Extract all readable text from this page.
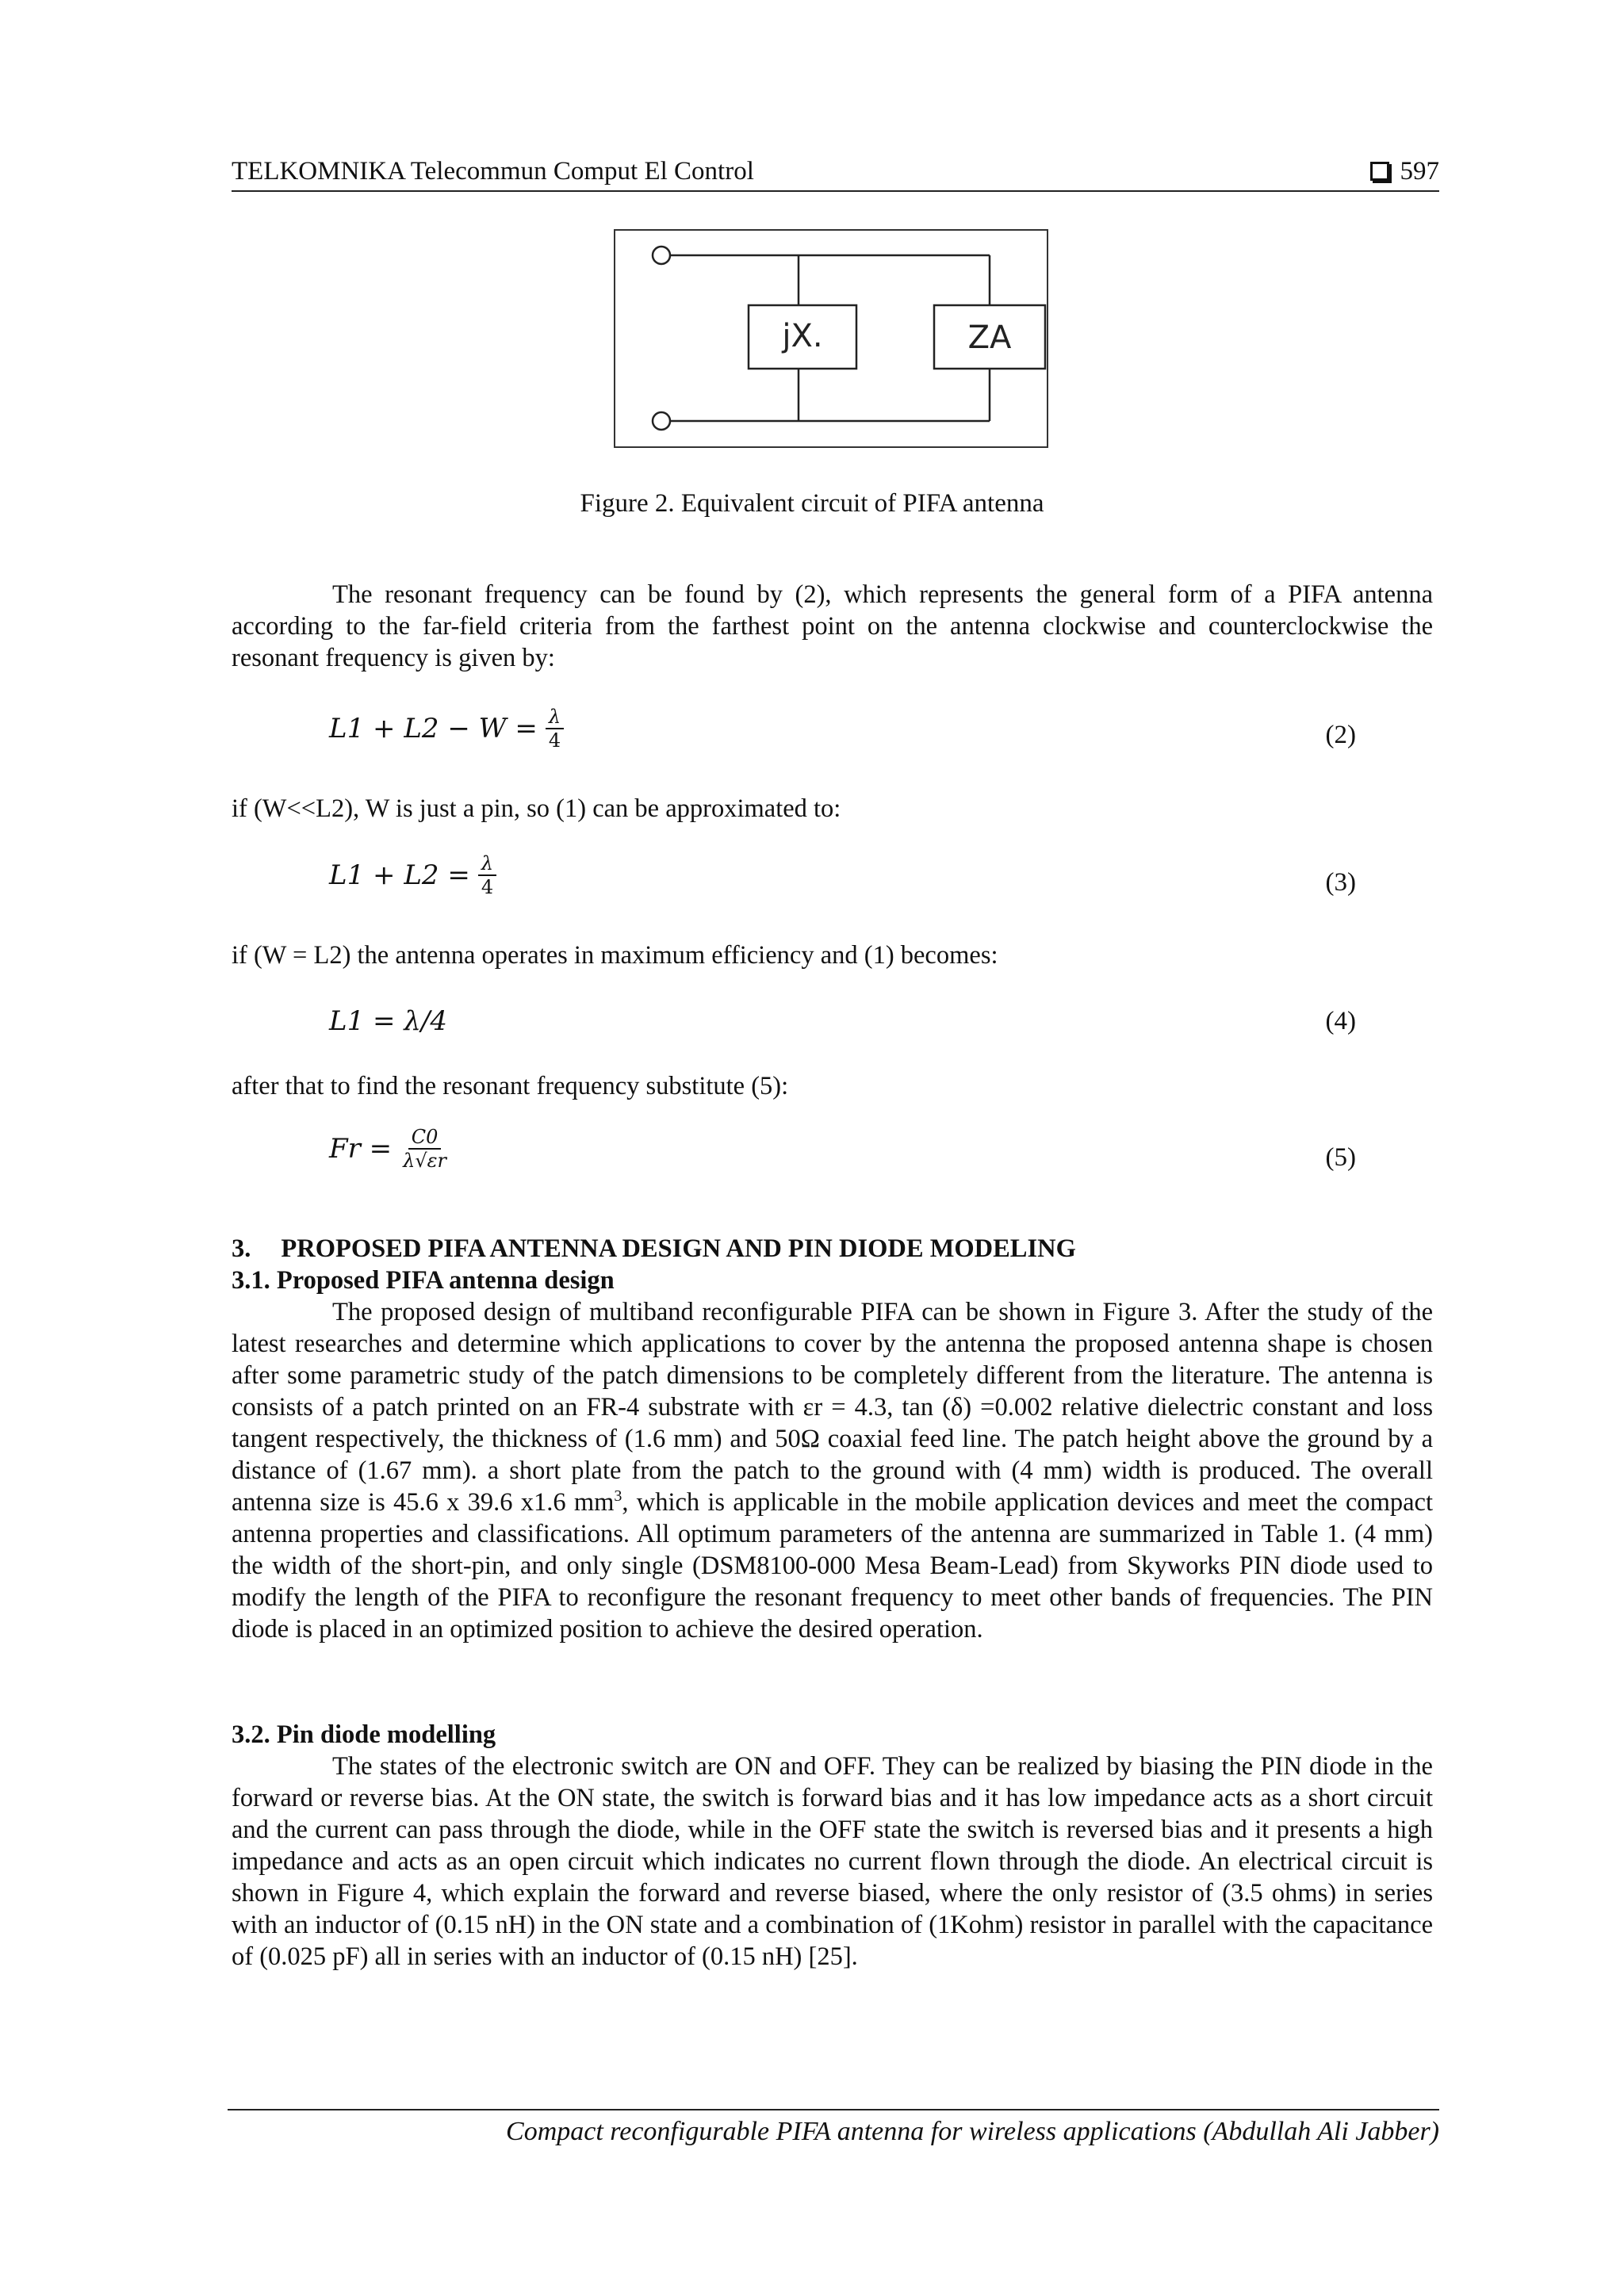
TELKOMNIKA Telecommun Comput El Control	597
jX.	ZA
Figure 2. Equivalent circuit of PIFA antenna
The resonant frequency can be found by (2), which represents the general form of a PIFA antenna according to the far-field criteria from the farthest point on the antenna clockwise and counterclockwise the resonant frequency is given by:
$L1 + L2 - W = \frac{\lambda}{4}$	(2)
if (W<<L2), W is just a pin, so (1) can be approximated to:
$L1 + L2 = \frac{\lambda}{4}$	(3)
if (W = L2) the antenna operates in maximum efficiency and (1) becomes:
L1 = λ/4	(4)
after that to find the resonant frequency substitute (5):
$Fr = \frac{C0}{\lambda√\varepsilon r}$	(5)
3. PROPOSED PIFA ANTENNA DESIGN AND PIN DIODE MODELING
3.1. Proposed PIFA antenna design
The proposed design of multiband reconfigurable PIFA can be shown in Figure 3. After the study of the latest researches and determine which applications to cover by the antenna the proposed antenna shape is chosen after some parametric study of the patch dimensions to be completely different from the literature. The antenna is consists of a patch printed on an FR-4 substrate with εr = 4.3, tan (δ) =0.002 relative dielectric constant and loss tangent respectively, the thickness of (1.6 mm) and 50Ω coaxial feed line. The patch height above the ground by a distance of (1.67 mm). a short plate from the patch to the ground with (4 mm) width is produced. The overall antenna size is 45.6 x 39.6 x1.6 $mm^3$, which is applicable in the mobile application devices and meet the compact antenna properties and classifications. All optimum parameters of the antenna are summarized in Table 1. (4 mm) the width of the short-pin, and only single (DSM8100-000 Mesa Beam-Lead) from Skyworks PIN diode used to modify the length of the PIFA to reconfigure the resonant frequency to meet other bands of frequencies. The PIN diode is placed in an optimized position to achieve the desired operation.
3.2. Pin diode modelling
The states of the electronic switch are ON and OFF. They can be realized by biasing the PIN diode in the forward or reverse bias. At the ON state, the switch is forward bias and it has low impedance acts as a short circuit and the current can pass through the diode, while in the OFF state the switch is reversed bias and it presents a high impedance and acts as an open circuit which indicates no current flown through the diode. An electrical circuit is shown in Figure 4, which explain the forward and reverse biased, where the only resistor of (3.5 ohms) in series with an inductor of (0.15 nH) in the ON state and a combination of (1Kohm) resistor in parallel with the capacitance of (0.025 pF) all in series with an inductor of (0.15 nH) [25].
Compact reconfigurable PIFA antenna for wireless applications (Abdullah Ali Jabber)
